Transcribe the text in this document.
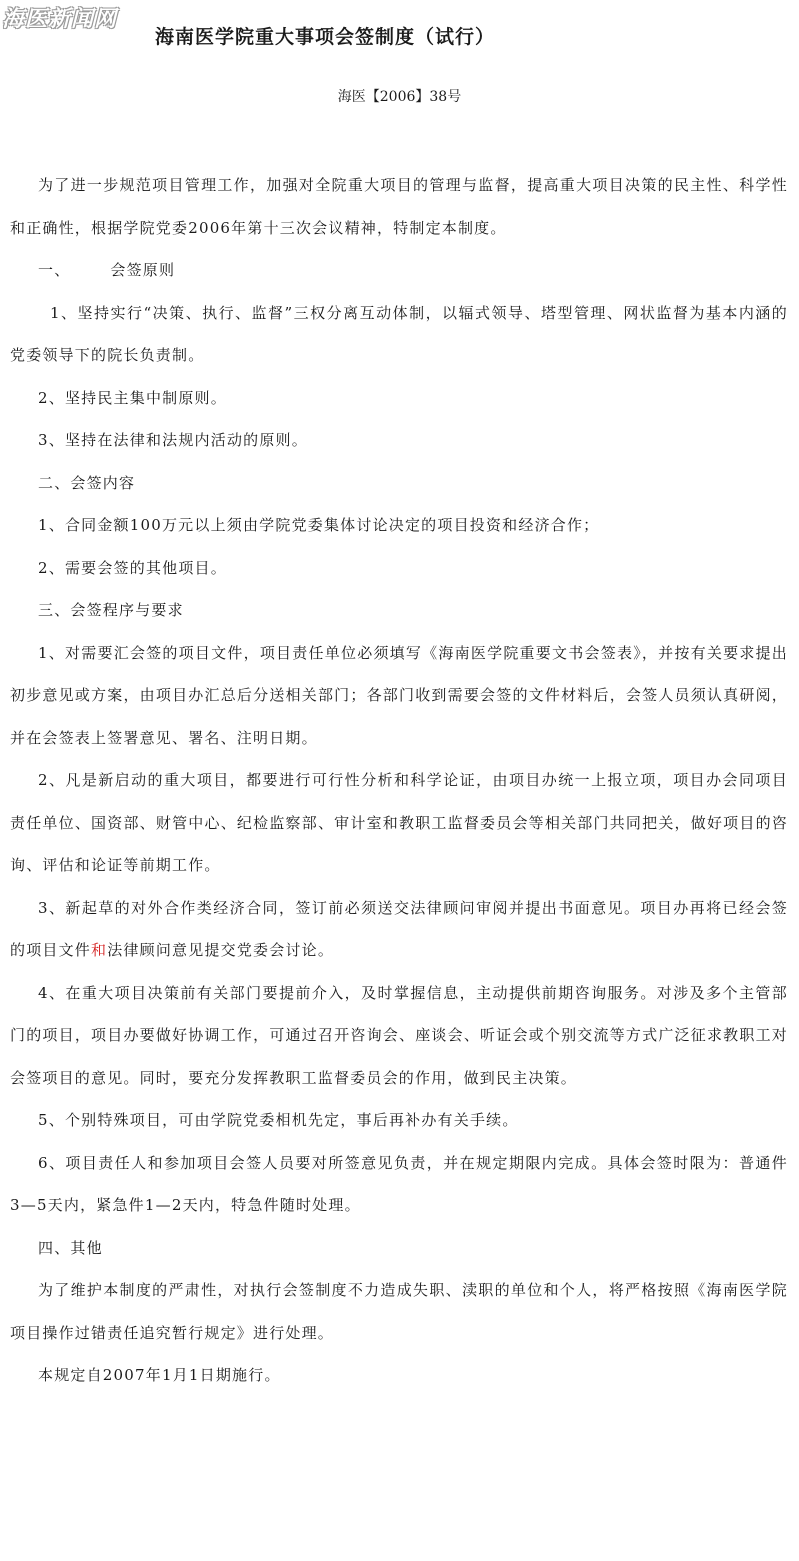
海医新闻网
海南医学院重大事项会签制度（试行）
海医【2006】38号

为了进一步规范项目管理工作，加强对全院重大项目的管理与监督，提高重大项目决策的民主性、科学性和正确性，根据学院党委2006年第十三次会议精神，特制定本制度。

一、	会签原则

1、坚持实行“决策、执行、监督”三权分离互动体制，以辐式领导、塔型管理、网状监督为基本内涵的党委领导下的院长负责制。

2、坚持民主集中制原则。

3、坚持在法律和法规内活动的原则。

二、会签内容

1、合同金额100万元以上须由学院党委集体讨论决定的项目投资和经济合作；

2、需要会签的其他项目。

三、会签程序与要求

1、对需要汇会签的项目文件，项目责任单位必须填写《海南医学院重要文书会签表》，并按有关要求提出初步意见或方案，由项目办汇总后分送相关部门；各部门收到需要会签的文件材料后，会签人员须认真研阅，并在会签表上签署意见、署名、注明日期。

2、凡是新启动的重大项目，都要进行可行性分析和科学论证，由项目办统一上报立项，项目办会同项目责任单位、国资部、财管中心、纪检监察部、审计室和教职工监督委员会等相关部门共同把关，做好项目的咨询、评估和论证等前期工作。

3、新起草的对外合作类经济合同，签订前必须送交法律顾问审阅并提出书面意见。项目办再将已经会签的项目文件和法律顾问意见提交党委会讨论。

4、在重大项目决策前有关部门要提前介入，及时掌握信息，主动提供前期咨询服务。对涉及多个主管部门的项目，项目办要做好协调工作，可通过召开咨询会、座谈会、听证会或个别交流等方式广泛征求教职工对会签项目的意见。同时，要充分发挥教职工监督委员会的作用，做到民主决策。

5、个别特殊项目，可由学院党委相机先定，事后再补办有关手续。

6、项目责任人和参加项目会签人员要对所签意见负责，并在规定期限内完成。具体会签时限为：普通件3—5天内，紧急件1—2天内，特急件随时处理。

四、其他

为了维护本制度的严肃性，对执行会签制度不力造成失职、渎职的单位和个人，将严格按照《海南医学院项目操作过错责任追究暂行规定》进行处理。

本规定自2007年1月1日期施行。
